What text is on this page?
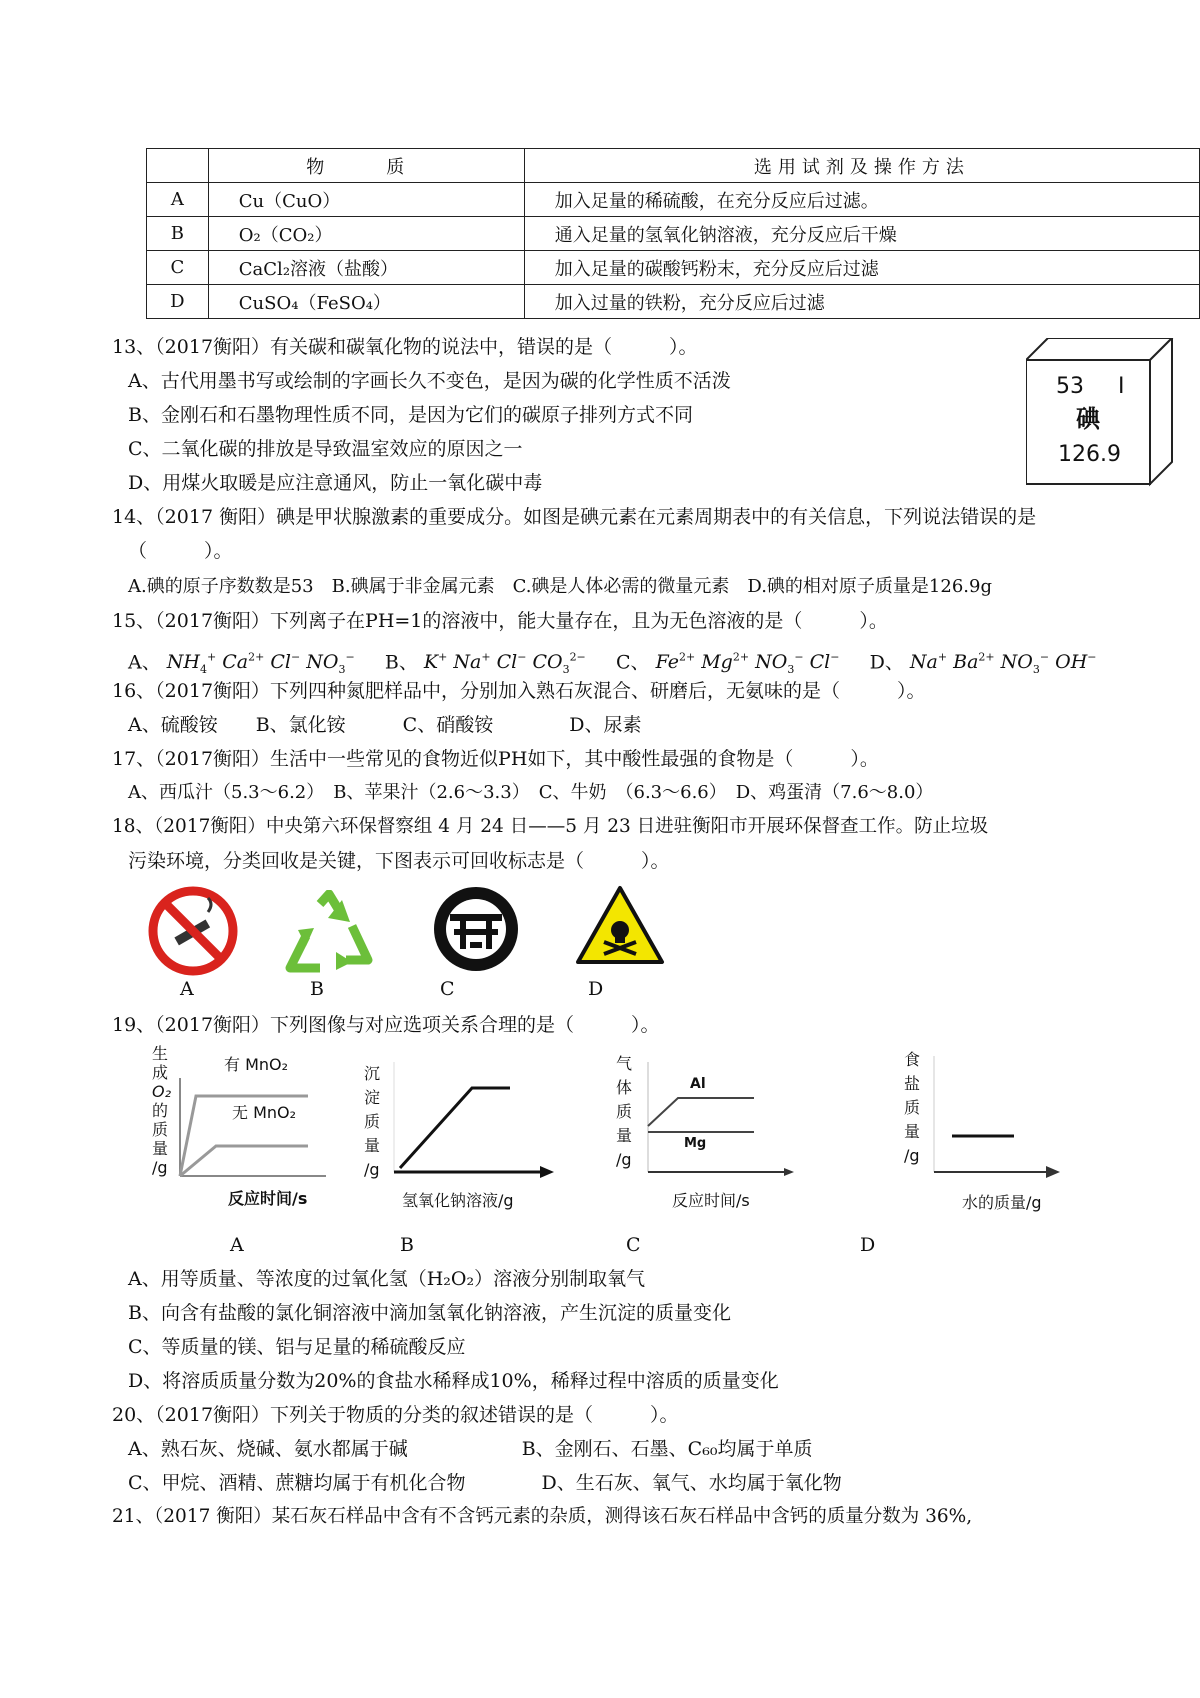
	物　质	选用试剂及操作方法
A	Cu（CuO）	加入足量的稀硫酸，在充分反应后过滤。
B	O₂（CO₂）	通入足量的氢氧化钠溶液，充分反应后干燥
C	CaCl₂溶液（盐酸）	加入足量的碳酸钙粉末，充分反应后过滤
D	CuSO₄（FeSO₄）	加入过量的铁粉，充分反应后过滤
13、（2017衡阳）有关碳和碳氧化物的说法中，错误的是（　　　）。
A、古代用墨书写或绘制的字画长久不变色，是因为碳的化学性质不活泼
B、金刚石和石墨物理性质不同，是因为它们的碳原子排列方式不同
C、二氧化碳的排放是导致温室效应的原因之一
D、用煤火取暖是应注意通风，防止一氧化碳中毒
53 I
碘
126.9
14、（2017 衡阳）碘是甲状腺激素的重要成分。如图是碘元素在元素周期表中的有关信息，下列说法错误的是
（　　　）。
A.碘的原子序数数是53　B.碘属于非金属元素　C.碘是人体必需的微量元素　D.碘的相对原子质量是126.9g
15、（2017衡阳）下列离子在PH=1的溶液中，能大量存在，且为无色溶液的是（　　　）。
A、 $NH_4^+$ $Ca^{2+}$ Cl− $NO_3^-$ B、 K+ Na+ Cl− $CO_3^{2-}$ C、 $Fe^{2+}$ $Mg^{2+}$ $NO_3^-$ Cl− D、 Na+ $Ba^{2+}$ $NO_3^-$ OH−
16、（2017衡阳）下列四种氮肥样品中，分别加入熟石灰混合、研磨后，无氨味的是（　　　）。
A、硫酸铵　　B、氯化铵　　　C、硝酸铵　　　　D、尿素
17、（2017衡阳）生活中一些常见的食物近似PH如下，其中酸性最强的食物是（　　　）。
A、西瓜汁（5.3～6.2）　B、苹果汁（2.6～3.3）　C、牛奶　（6.3～6.6）　D、鸡蛋清（7.6～8.0）
18、（2017衡阳）中央第六环保督察组 4 月 24 日——5 月 23 日进驻衡阳市开展环保督查工作。防止垃圾
污染环境，分类回收是关键，下图表示可回收标志是（　　　）。
A	B	C	D
19、（2017衡阳）下列图像与对应选项关系合理的是（　　　）。
生
成
O₂
的
质
量
/g
有 MnO₂
无 MnO₂
反应时间/s
沉
淀
质
量
/g
氢氧化钠溶液/g
气
体
质
量
/g
Al
Mg
反应时间/s
食
盐
质
量
/g
水的质量/g
A	B	C	D
A、用等质量、等浓度的过氧化氢（H₂O₂）溶液分别制取氧气
B、向含有盐酸的氯化铜溶液中滴加氢氧化钠溶液，产生沉淀的质量变化
C、等质量的镁、铝与足量的稀硫酸反应
D、将溶质质量分数为20%的食盐水稀释成10%，稀释过程中溶质的质量变化
20、（2017衡阳）下列关于物质的分类的叙述错误的是（　　　）。
A、熟石灰、烧碱、氨水都属于碱　　　　　　B、金刚石、石墨、C₆₀均属于单质
C、甲烷、酒精、蔗糖均属于有机化合物　　　　D、生石灰、氧气、水均属于氧化物
21、（2017 衡阳）某石灰石样品中含有不含钙元素的杂质，测得该石灰石样品中含钙的质量分数为 36%,
